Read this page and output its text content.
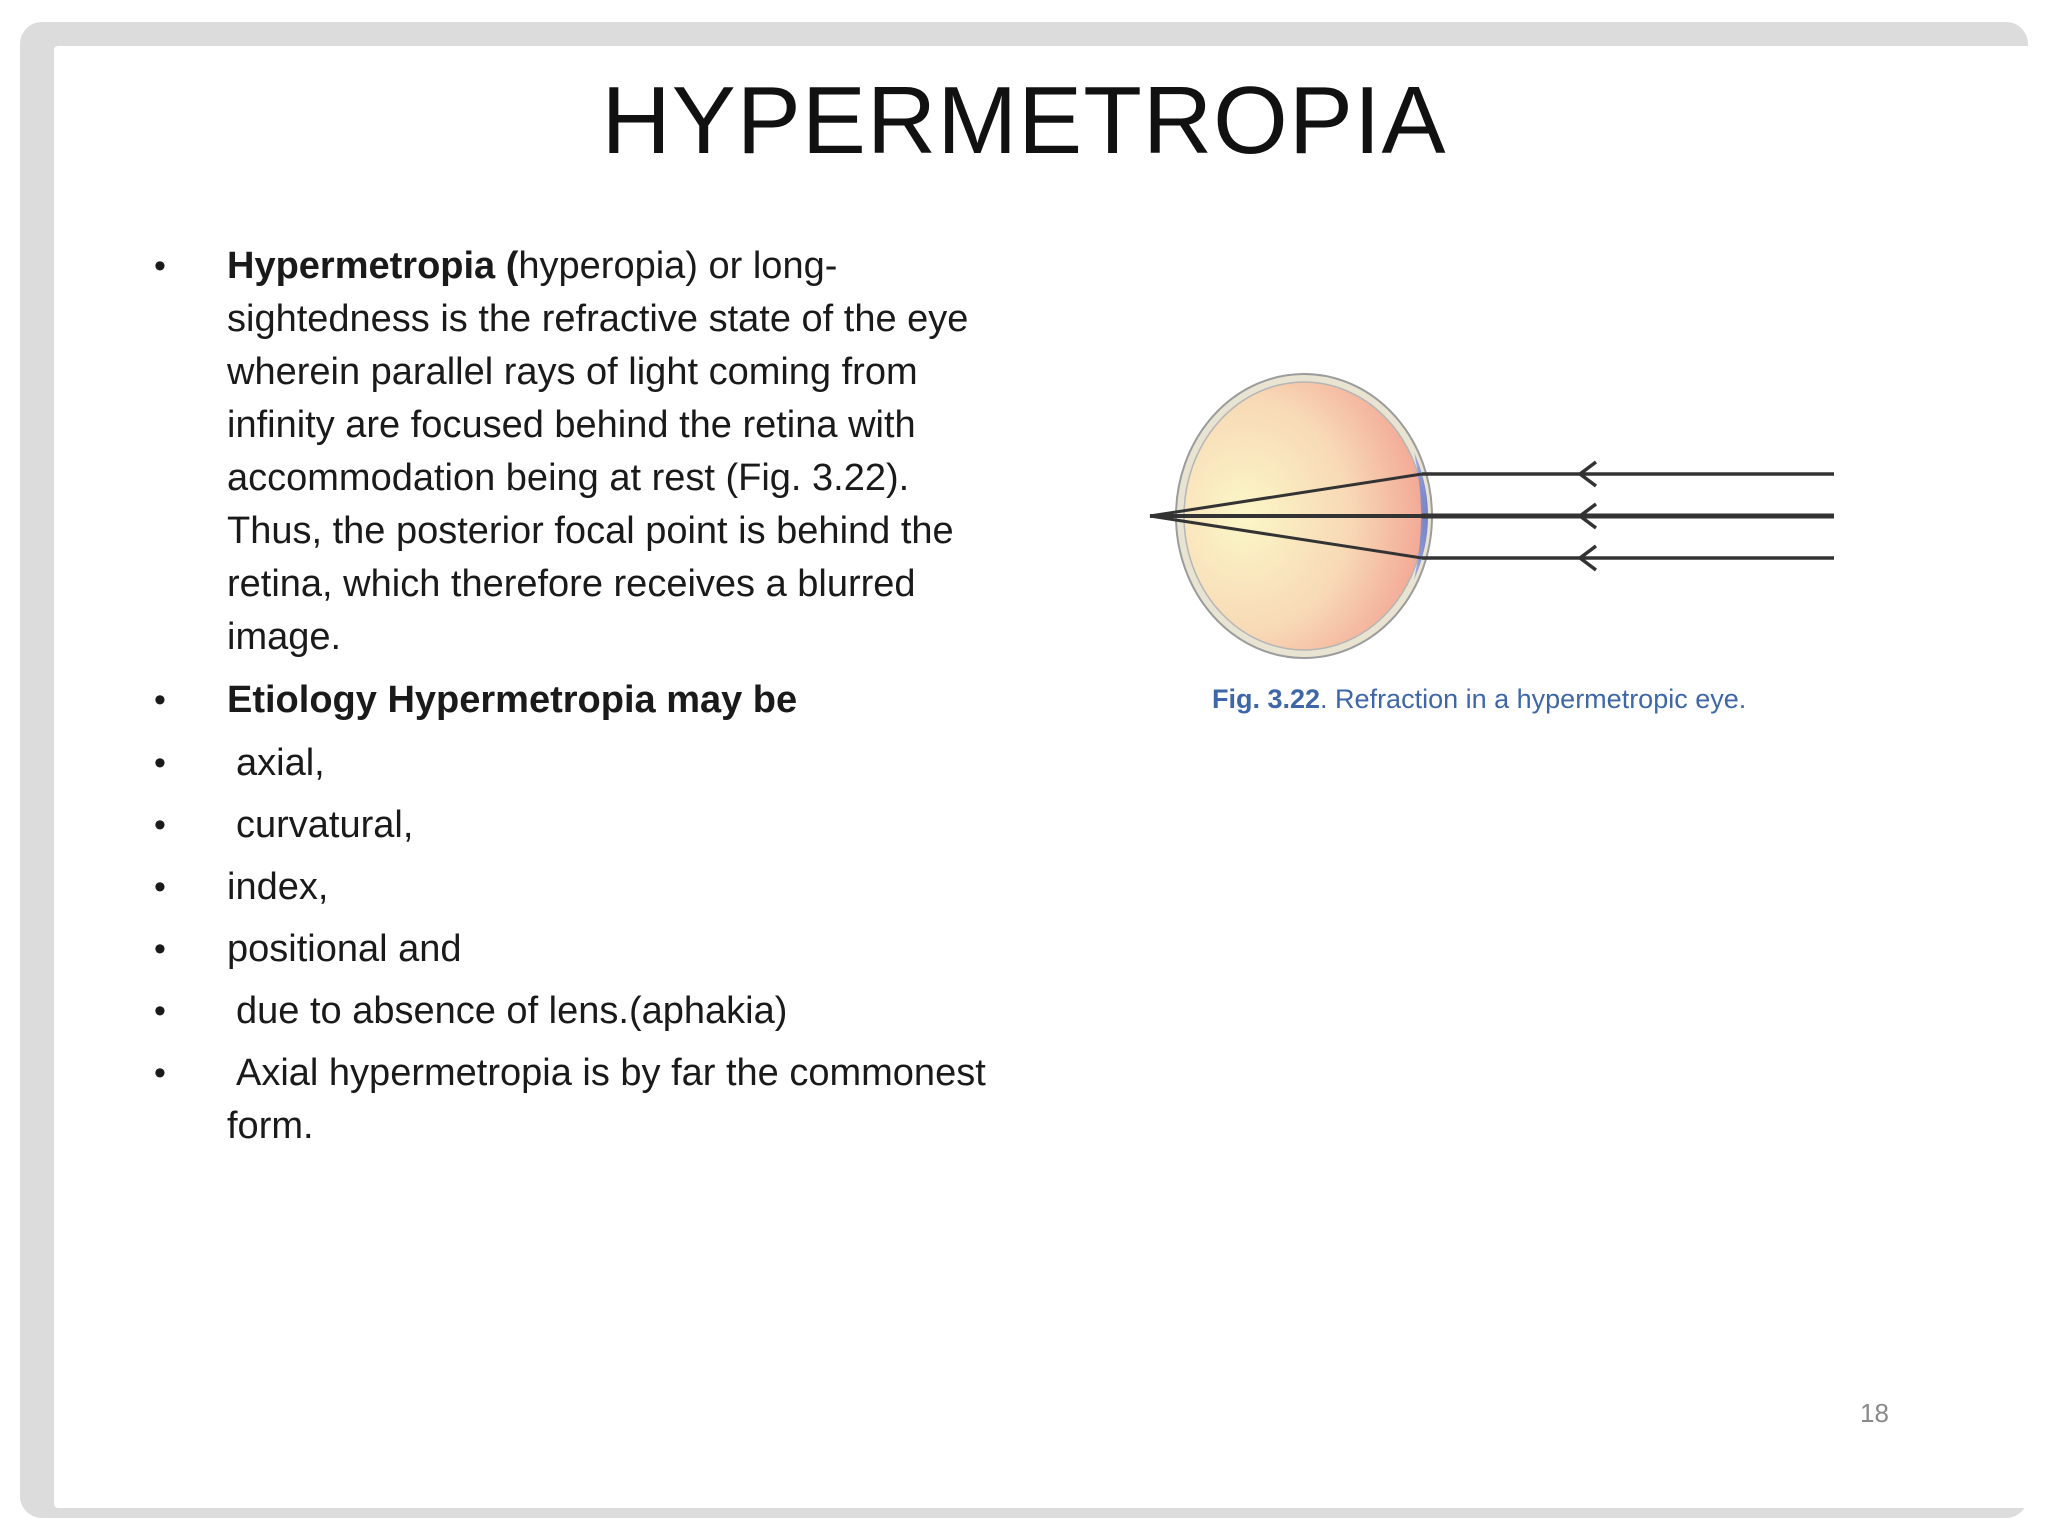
HYPERMETROPIA
• Hypermetropia (hyperopia) or long-sightedness is the refractive state of the eye wherein parallel rays of light coming from infinity are focused behind the retina with accommodation being at rest (Fig. 3.22). Thus, the posterior focal point is behind the retina, which therefore receives a blurred image.
• Etiology Hypermetropia may be
• axial,
• curvatural,
• index,
• positional and
• due to absence of lens.(aphakia)
• Axial hypermetropia is by far the commonest form.
Fig. 3.22. Refraction in a hypermetropic eye.
18
